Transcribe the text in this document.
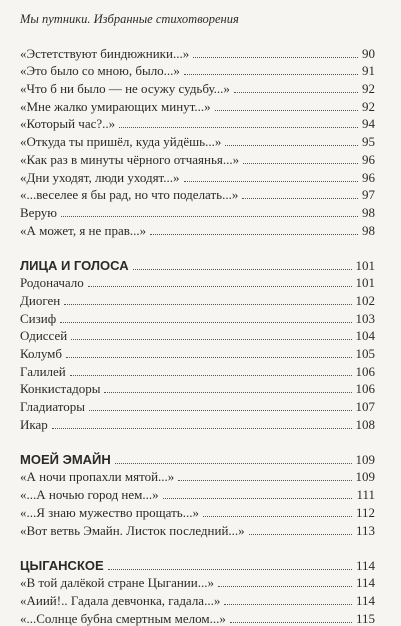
Мы путники. Избранные стихотворения
«Эстетствуют биндюжники...»	90
«Это было со мною, было...»	91
«Что б ни было — не осужу судьбу...»	92
«Мне жалко умирающих минут...»	92
«Который час?..»	94
«Откуда ты пришёл, куда уйдёшь...»	95
«Как раз в минуты чёрного отчаянья...»	96
«Дни уходят, люди уходят...»	96
«...веселее я бы рад, но что поделать...»	97
Верую	98
«А может, я не прав...»	98
ЛИЦА И ГОЛОСА	101
Родоначало	101
Диоген	102
Сизиф	103
Одиссей	104
Колумб	105
Галилей	106
Конкистадоры	106
Гладиаторы	107
Икар	108
МОЕЙ ЭМАЙН	109
«А ночи пропахли мятой...»	109
«...А ночью город нем...»	111
«...Я знаю мужество прощать...»	112
«Вот ветвь Эмайн. Листок последний...»	113
ЦЫГАНСКОЕ	114
«В той далёкой стране Цыгании...»	114
«Аиий!.. Гадала девчонка, гадала...»	114
«...Солнце бубна смертным мелом...»	115
